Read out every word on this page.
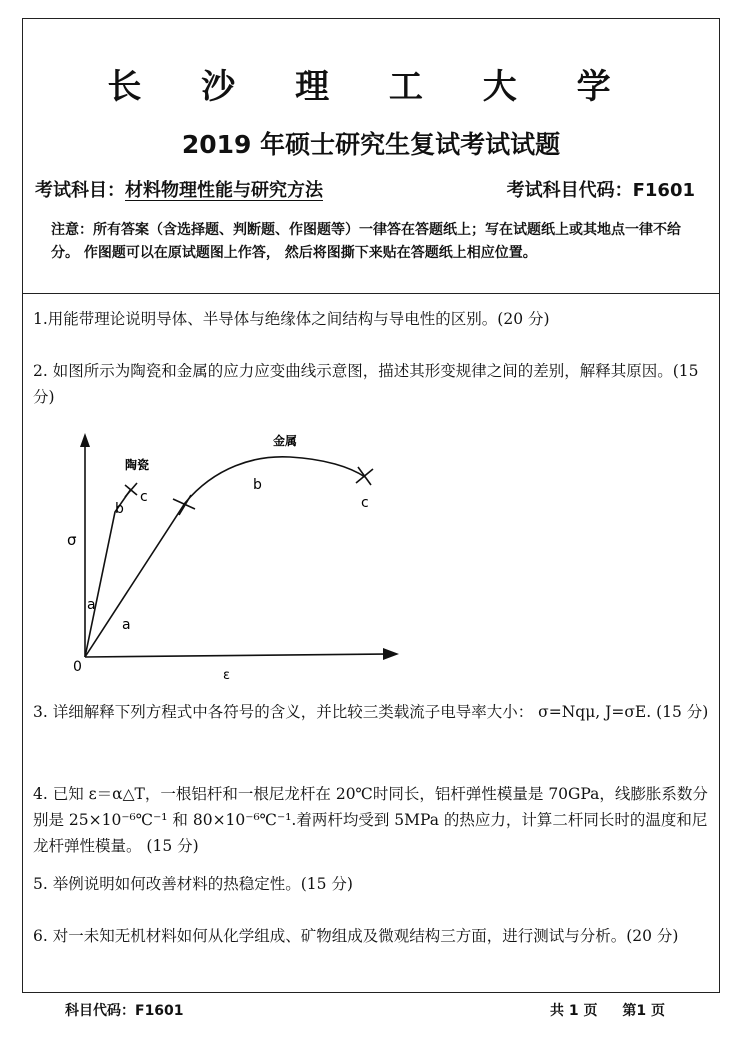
长 沙 理 工 大 学
2019 年硕士研究生复试考试试题
考试科目：材料物理性能与研究方法	考试科目代码：F1601
注意：所有答案（含选择题、判断题、作图题等）一律答在答题纸上；写在试题纸上或其地点一律不给分。 作图题可以在原试题图上作答， 然后将图撕下来贴在答题纸上相应位置。
1.用能带理论说明导体、半导体与绝缘体之间结构与导电性的区别。(20 分)
2. 如图所示为陶瓷和金属的应力应变曲线示意图，描述其形变规律之间的差别，解释其原因。(15 分)
陶瓷
金属
σ
ε
0
a
b
c
a
b
c
3. 详细解释下列方程式中各符号的含义，并比较三类载流子电导率大小： σ=Nqμ, J=σE. (15 分)
4. 已知 ε＝α△T，一根铝杆和一根尼龙杆在 20℃时同长，铝杆弹性模量是 70GPa，线膨胀系数分别是 25×10⁻⁶℃⁻¹ 和 80×10⁻⁶℃⁻¹.着两杆均受到 5MPa 的热应力，计算二杆同长时的温度和尼龙杆弹性模量。 (15 分)
5. 举例说明如何改善材料的热稳定性。(15 分)
6. 对一未知无机材料如何从化学组成、矿物组成及微观结构三方面，进行测试与分析。(20 分)
科目代码：F1601	共 1 页 第1 页
